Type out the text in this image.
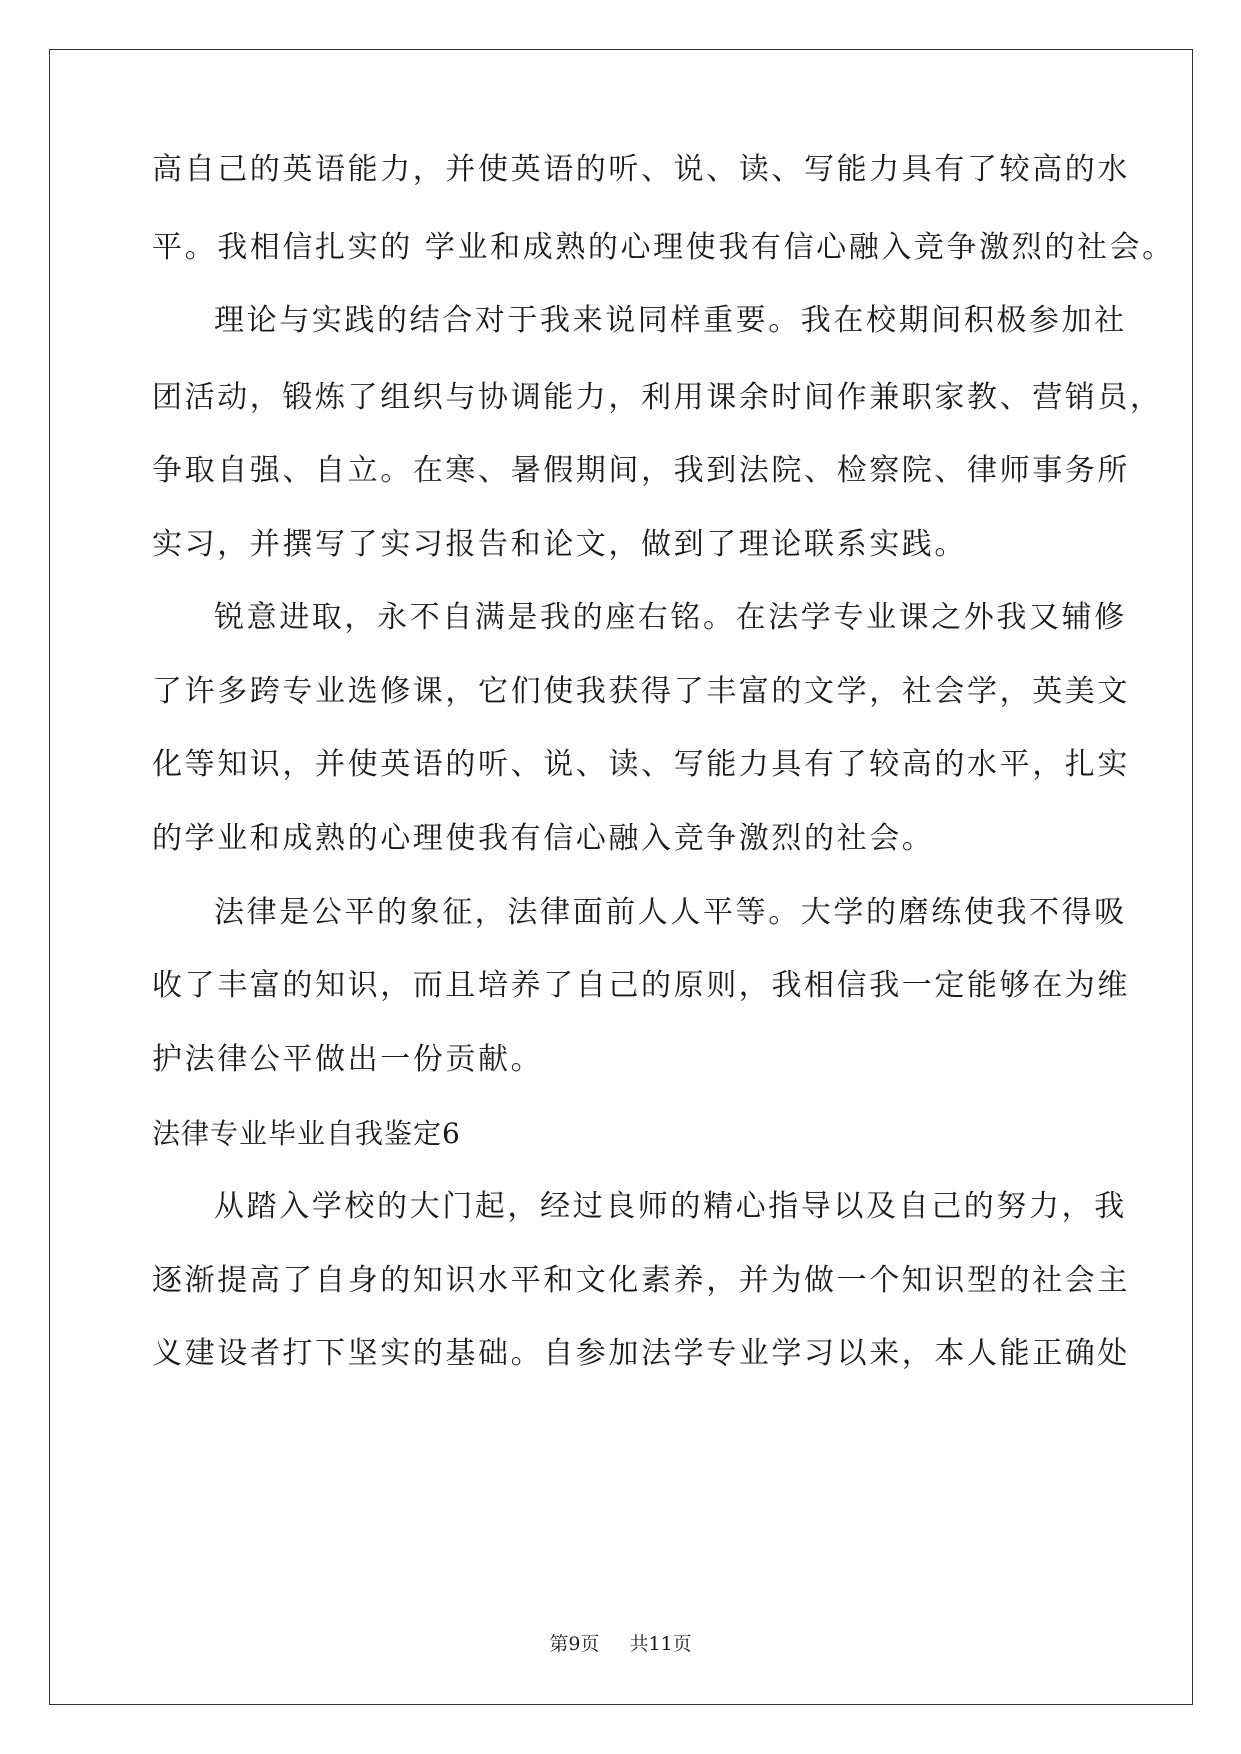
高自己的英语能力，并使英语的听、说、读、写能力具有了较高的水
平。我相信扎实的 学业和成熟的心理使我有信心融入竞争激烈的社会。
理论与实践的结合对于我来说同样重要。我在校期间积极参加社
团活动，锻炼了组织与协调能力，利用课余时间作兼职家教、营销员，
争取自强、自立。在寒、暑假期间，我到法院、检察院、律师事务所
实习，并撰写了实习报告和论文，做到了理论联系实践。
锐意进取，永不自满是我的座右铭。在法学专业课之外我又辅修
了许多跨专业选修课，它们使我获得了丰富的文学，社会学，英美文
化等知识，并使英语的听、说、读、写能力具有了较高的水平，扎实
的学业和成熟的心理使我有信心融入竞争激烈的社会。
法律是公平的象征，法律面前人人平等。大学的磨练使我不得吸
收了丰富的知识，而且培养了自己的原则，我相信我一定能够在为维
护法律公平做出一份贡献。
法律专业毕业自我鉴定6
从踏入学校的大门起，经过良师的精心指导以及自己的努力，我
逐渐提高了自身的知识水平和文化素养，并为做一个知识型的社会主
义建设者打下坚实的基础。自参加法学专业学习以来，本人能正确处
第9页 共11页
